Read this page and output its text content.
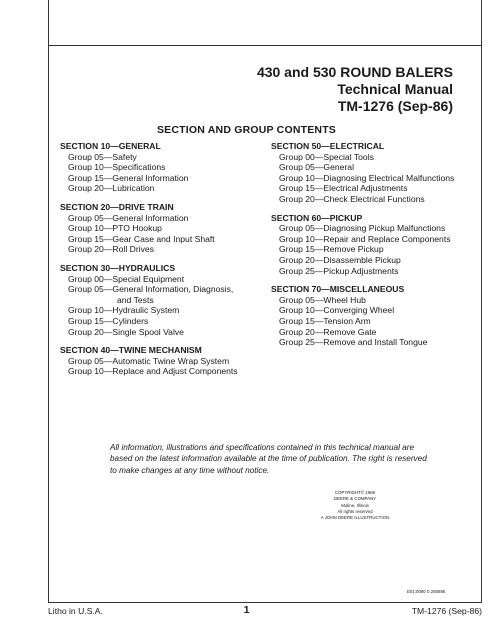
430 and 530 ROUND BALERS
Technical Manual
TM-1276 (Sep-86)
SECTION AND GROUP CONTENTS
SECTION 10—GENERAL
Group 05—Safety
Group 10—Specifications
Group 15—General Information
Group 20—Lubrication
SECTION 20—DRIVE TRAIN
Group 05—General Information
Group 10—PTO Hookup
Group 15—Gear Case and Input Shaft
Group 20—Roll Drives
SECTION 30—HYDRAULICS
Group 00—Special Equipment
Group 05—General Information, Diagnosis,
and Tests
Group 10—Hydraulic System
Group 15—Cylinders
Group 20—Single Spool Valve
SECTION 40—TWINE MECHANISM
Group 05—Automatic Twine Wrap System
Group 10—Replace and Adjust Components
SECTION 50—ELECTRICAL
Group 00—Special Tools
Group 05—General
Group 10—Diagnosing Electrical Malfunctions
Group 15—Electrical Adjustments
Group 20—Check Electrical Functions
SECTION 60—PICKUP
Group 05—Diagnosing Pickup Malfunctions
Group 10—Repair and Replace Components
Group 15—Remove Pickup
Group 20—Disassemble Pickup
Group 25—Pickup Adjustments
SECTION 70—MISCELLANEOUS
Group 05—Wheel Hub
Group 10—Converging Wheel
Group 15—Tension Arm
Group 20—Remove Gate
Group 25—Remove and Install Tongue
All information, illustrations and specifications contained in this technical manual are based on the latest information available at the time of publication. The right is reserved to make changes at any time without notice.
COPYRIGHT© 1986
DEERE & COMPANY
Moline, Illinois
All rights reserved
A JOHN DEERE ILLUSTRUCTION
E01;0080 0 280886
Litho in U.S.A.	1	TM-1276 (Sep-86)
